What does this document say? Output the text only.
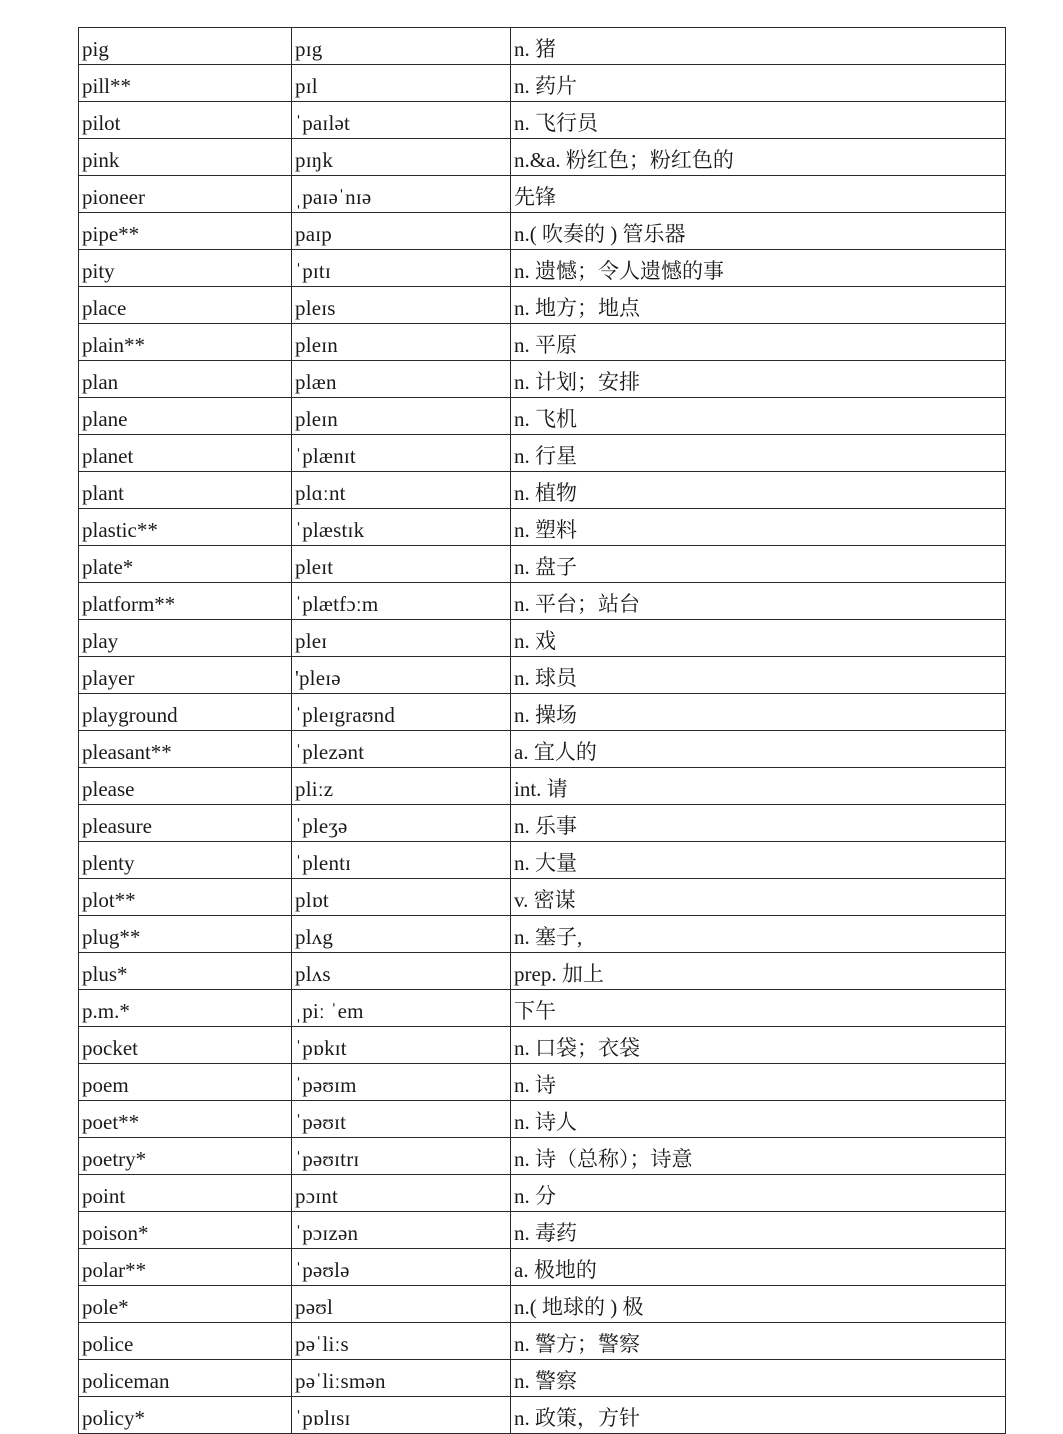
pig	pɪg	n. 猪
pill**	pɪl	n. 药片
pilot	ˈpaɪlət	n. 飞行员
pink	pɪŋk	n.&a. 粉红色；粉红色的
pioneer	ˌpaɪəˈnɪə	先锋
pipe**	paɪp	n.( 吹奏的 ) 管乐器
pity	ˈpɪtɪ	n. 遗憾；令人遗憾的事
place	pleɪs	n. 地方；地点
plain**	pleɪn	n. 平原
plan	plæn	n. 计划；安排
plane	pleɪn	n. 飞机
planet	ˈplænɪt	n. 行星
plant	plɑːnt	n. 植物
plastic**	ˈplæstɪk	n. 塑料
plate*	pleɪt	n. 盘子
platform**	ˈplætfɔːm	n. 平台；站台
play	pleɪ	n. 戏
player	'pleɪə	n. 球员
playground	ˈpleɪgraʊnd	n. 操场
pleasant**	ˈplezənt	a. 宜人的
please	pliːz	int. 请
pleasure	ˈpleʒə	n. 乐事
plenty	ˈplentɪ	n. 大量
plot**	plɒt	v. 密谋
plug**	plʌg	n. 塞子,
plus*	plʌs	prep. 加上
p.m.*	ˌpiː ˈem	下午
pocket	ˈpɒkɪt	n. 口袋；衣袋
poem	ˈpəʊɪm	n. 诗
poet**	ˈpəʊɪt	n. 诗人
poetry*	ˈpəʊɪtrɪ	n. 诗（总称）；诗意
point	pɔɪnt	n. 分
poison*	ˈpɔɪzən	n. 毒药
polar**	ˈpəʊlə	a. 极地的
pole*	pəʊl	n.( 地球的 ) 极
police	pəˈliːs	n. 警方；警察
policeman	pəˈliːsmən	n. 警察
policy*	ˈpɒlɪsɪ	n. 政策，方针
